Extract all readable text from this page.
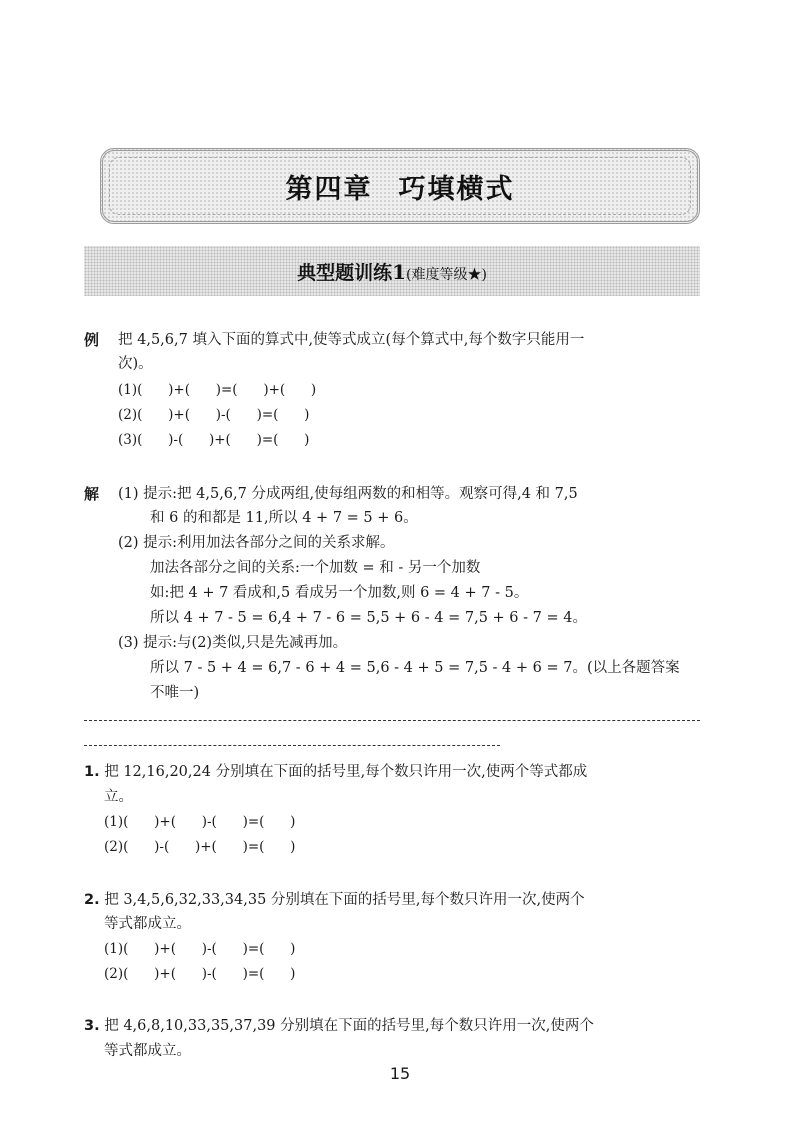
第四章 巧填横式
典型题训练1(难度等级★)
例 把 4,5,6,7 填入下面的算式中,使等式成立(每个算式中,每个数字只能用一
次)。
(1)(      )+(      )=(      )+(      )
(2)(      )+(      )-(      )=(      )
(3)(      )-(      )+(      )=(      )
解 (1) 提示:把 4,5,6,7 分成两组,使每组两数的和相等。观察可得,4 和 7,5
和 6 的和都是 11,所以 4 + 7 = 5 + 6。
(2) 提示:利用加法各部分之间的关系求解。
加法各部分之间的关系:一个加数 = 和 - 另一个加数
如:把 4 + 7 看成和,5 看成另一个加数,则 6 = 4 + 7 - 5。
所以 4 + 7 - 5 = 6,4 + 7 - 6 = 5,5 + 6 - 4 = 7,5 + 6 - 7 = 4。
(3) 提示:与(2)类似,只是先减再加。
所以 7 - 5 + 4 = 6,7 - 6 + 4 = 5,6 - 4 + 5 = 7,5 - 4 + 6 = 7。(以上各题答案
不唯一)
1. 把 12,16,20,24 分别填在下面的括号里,每个数只许用一次,使两个等式都成
立。
(1)(      )+(      )-(      )=(      )
(2)(      )-(      )+(      )=(      )
2. 把 3,4,5,6,32,33,34,35 分别填在下面的括号里,每个数只许用一次,使两个
等式都成立。
(1)(      )+(      )-(      )=(      )
(2)(      )+(      )-(      )=(      )
3. 把 4,6,8,10,33,35,37,39 分别填在下面的括号里,每个数只许用一次,使两个
等式都成立。
15
